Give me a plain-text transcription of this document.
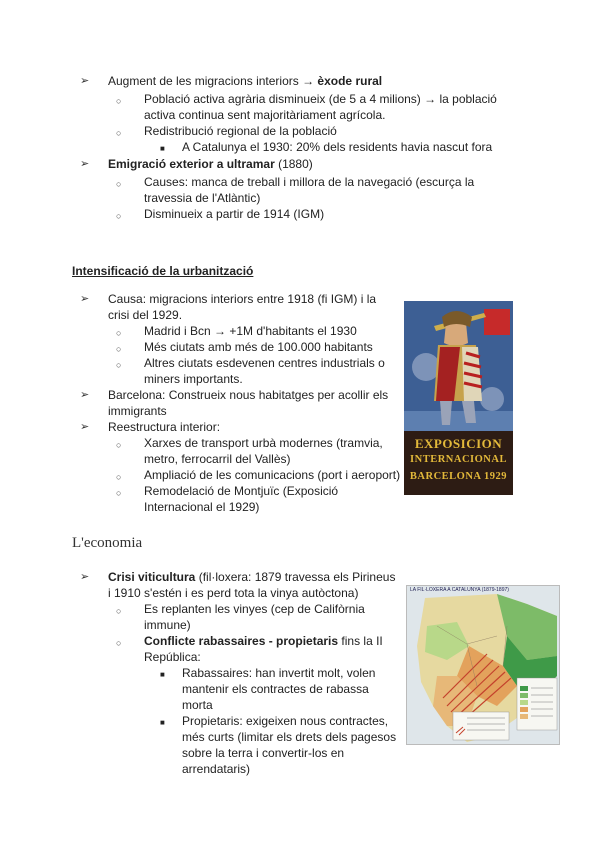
➢	Augment de les migracions interiors → èxode rural
○	Població activa agrària disminueix (de 5 a 4 milions) → la població
activa continua sent majoritàriament agrícola.
○	Redistribució regional de la població
■	A Catalunya el 1930: 20% dels residents havia nascut fora
➢	Emigració exterior a ultramar (1880)
○	Causes: manca de treball i millora de la navegació (escurça la
travessia de l'Atlàntic)
○	Disminueix a partir de 1914 (IGM)
Intensificació de la urbanització
➢	Causa: migracions interiors entre 1918 (fi IGM) i la
crisi del 1929.
○	Madrid i Bcn → +1M d'habitants el 1930
○	Més ciutats amb més de 100.000 habitants
○	Altres ciutats esdevenen centres industrials o
miners importants.
➢	Barcelona: Construeix nous habitatges per acollir els
immigrants
➢	Reestructura interior:
○	Xarxes de transport urbà modernes (tramvia,
metro, ferrocarril del Vallès)
○	Ampliació de les comunicacions (port i aeroport)
○	Remodelació de Montjuïc (Exposició
Internacional el 1929)
EXPOSICION
INTERNACIONAL
BARCELONA 1929
L'economia
➢	Crisi viticultura (fil·loxera: 1879 travessa els Pirineus
i 1910 s'estén i es perd tota la vinya autòctona)
○	Es replanten les vinyes (cep de Califòrnia
immune)
○	Conflicte rabassaires - propietaris fins la II
República:
■	Rabassaires: han invertit molt, volen
mantenir els contractes de rabassa
morta
■	Propietaris: exigeixen nous contractes,
més curts (limitar els drets dels pagesos
sobre la terra i convertir-los en
arrendataris)
LA FIL·LOXERA A CATALUNYA (1879-1897)
